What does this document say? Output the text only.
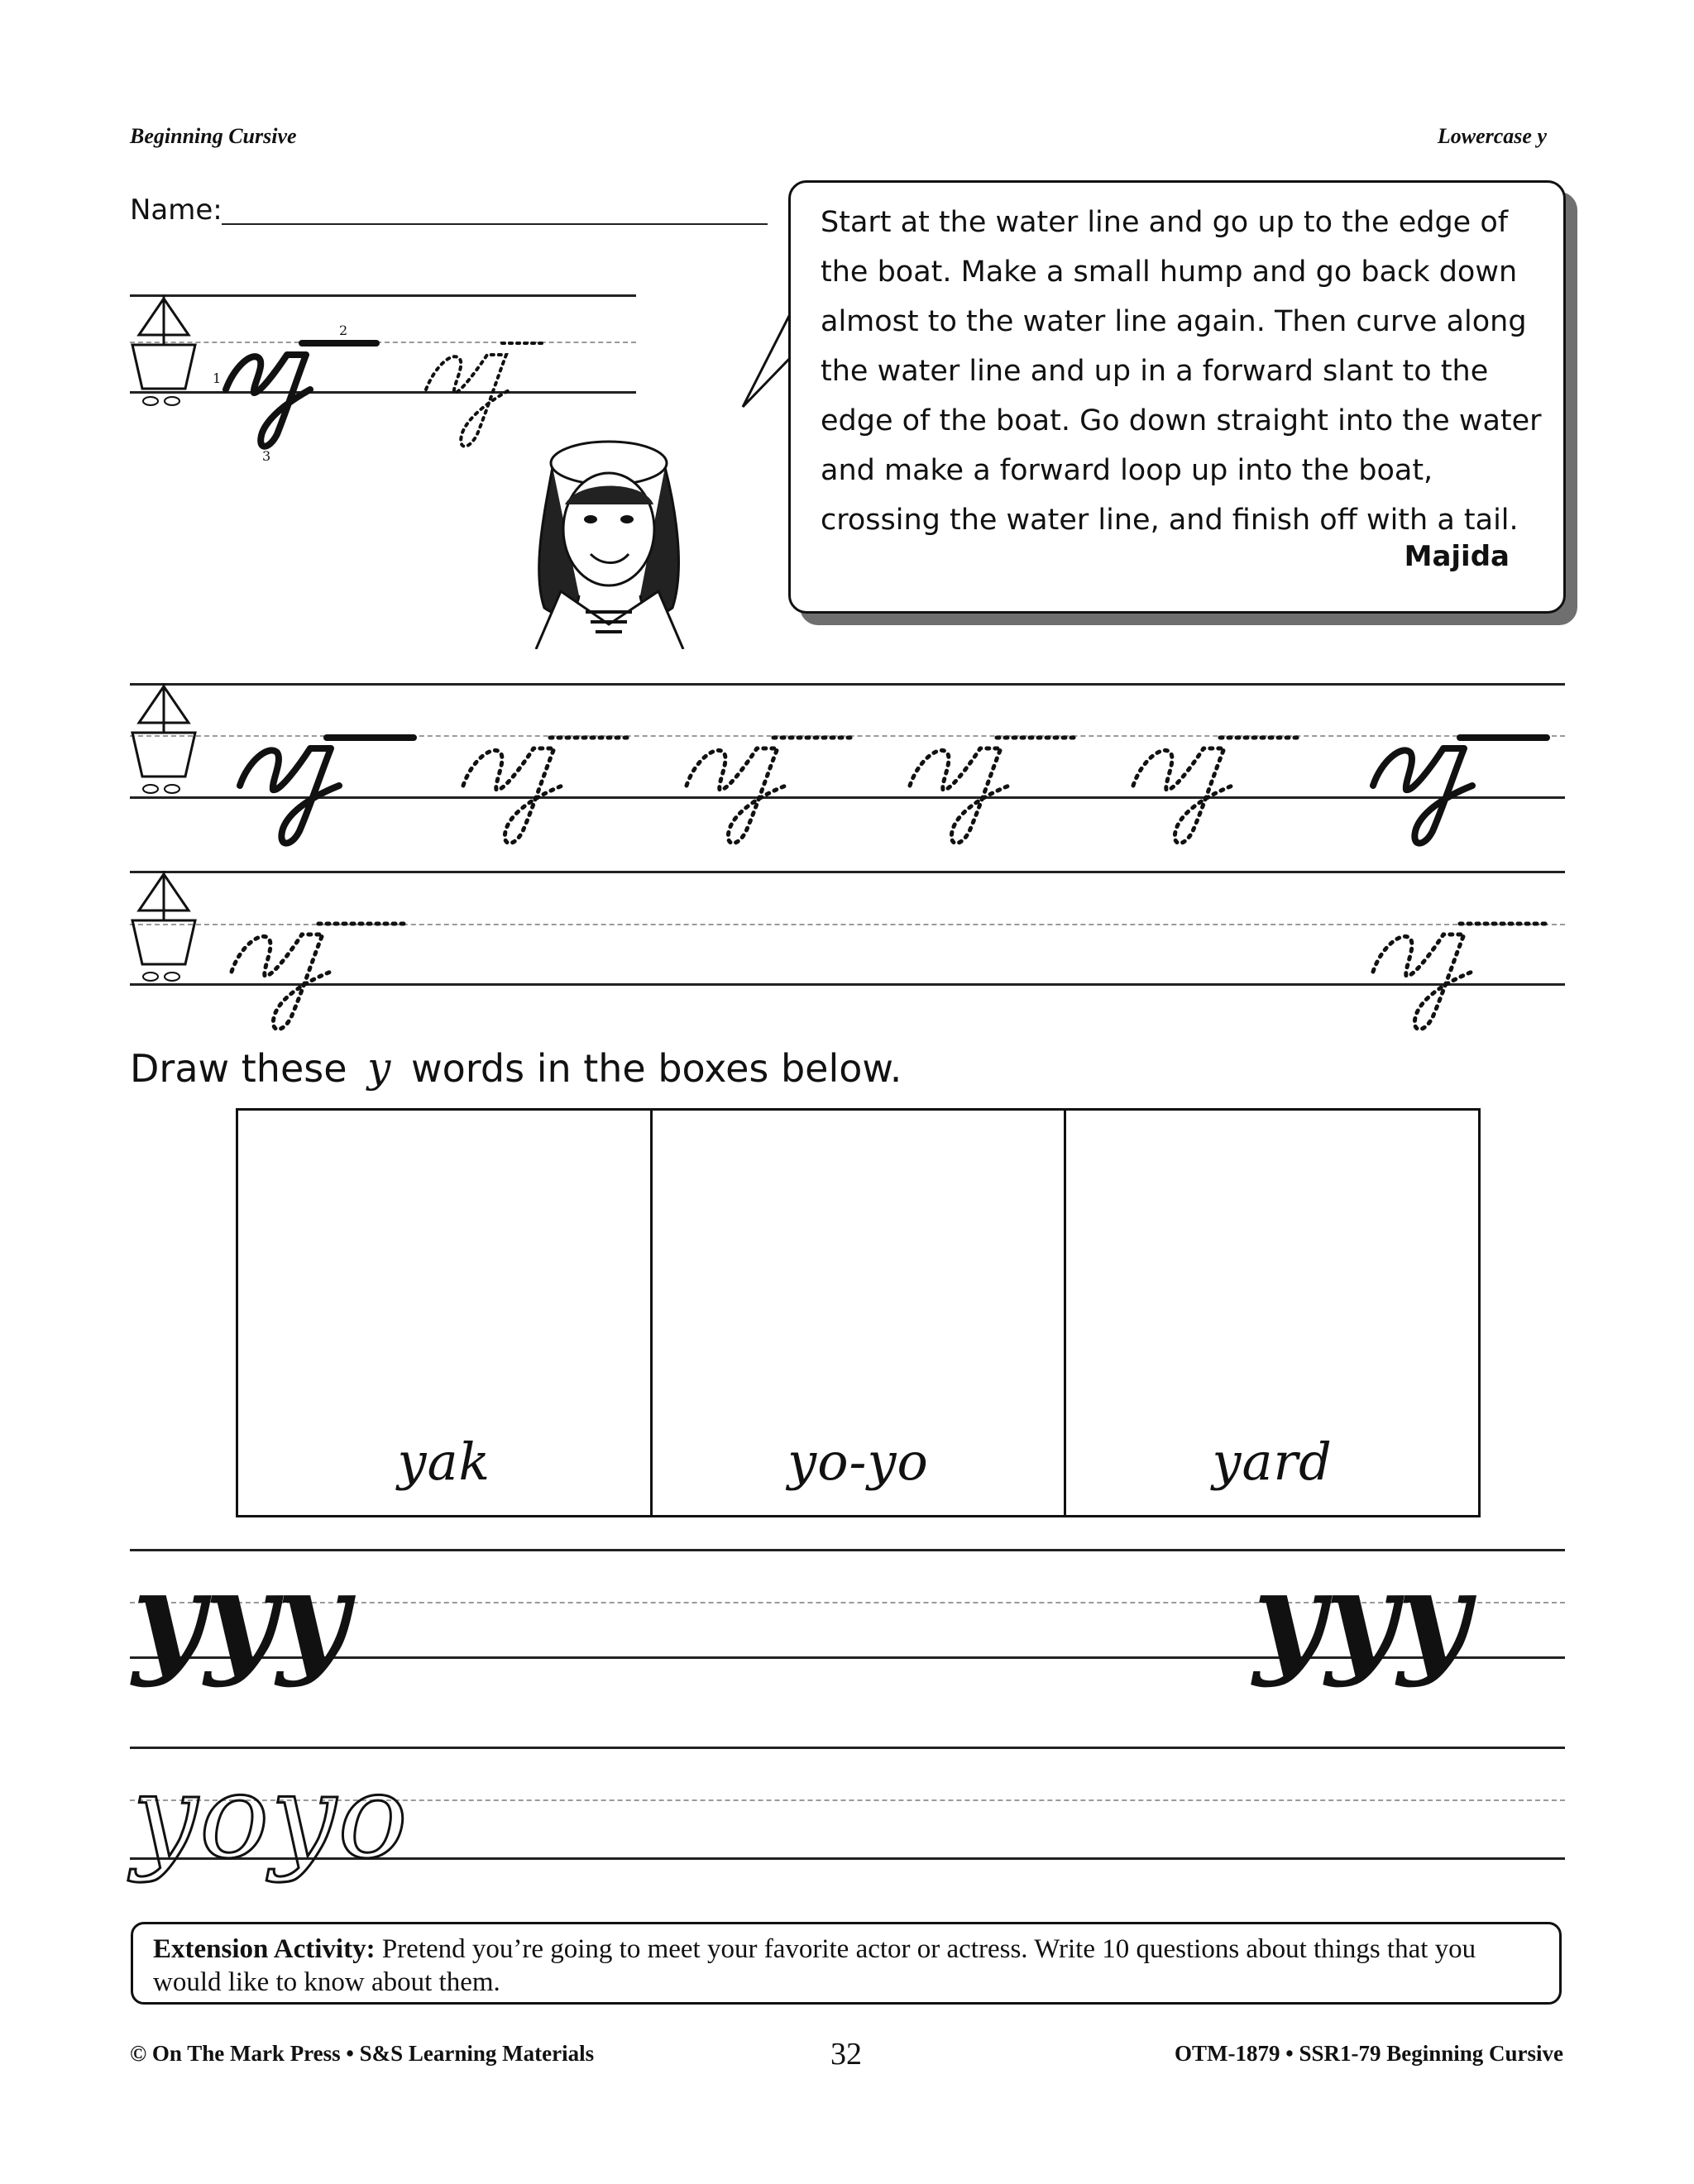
Beginning Cursive	Lowercase y
Name:
1
2
3
Start at the water line and go up to the edge of the boat. Make a small hump and go back down almost to the water line again. Then curve along the water line and up in a forward slant to the edge of the boat. Go down straight into the water and make a forward loop up into the boat, crossing the water line, and finish off with a tail.
Majida
Draw these y words in the boxes below.
yak	yo-yo	yard
yyy	yyy
yoyo
Extension Activity: Pretend you’re going to meet your favorite actor or actress. Write 10 questions about things that you would like to know about them.
© On The Mark Press • S&S Learning Materials	32	OTM-1879 • SSR1-79 Beginning Cursive
